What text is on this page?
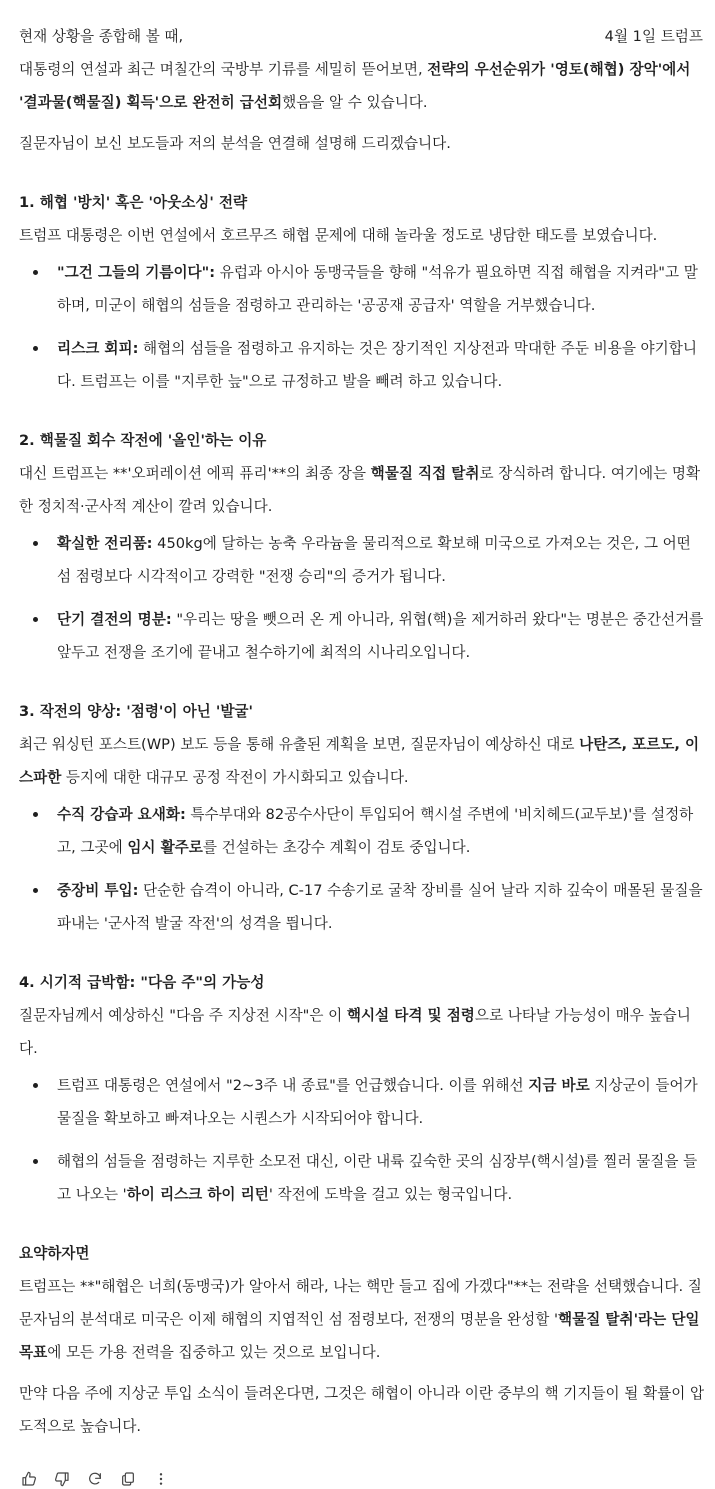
현재 상황을 종합해 볼 때,	4월 1일 트럼프

대통령의 연설과 최근 며칠간의 국방부 기류를 세밀히 뜯어보면, 전략의 우선순위가 '영토(해협) 장악'에서
'결과물(핵물질) 획득'으로 완전히 급선회했음을 알 수 있습니다.

질문자님이 보신 보도들과 저의 분석을 연결해 설명해 드리겠습니다.

1. 해협 '방치' 혹은 '아웃소싱' 전략

트럼프 대통령은 이번 연설에서 호르무즈 해협 문제에 대해 놀라울 정도로 냉담한 태도를 보였습니다.

"그건 그들의 기름이다": 유럽과 아시아 동맹국들을 향해 "석유가 필요하면 직접 해협을 지켜라"고 말하며, 미군이 해협의 섬들을 점령하고 관리하는 '공공재 공급자' 역할을 거부했습니다.
리스크 회피: 해협의 섬들을 점령하고 유지하는 것은 장기적인 지상전과 막대한 주둔 비용을 야기합니다. 트럼프는 이를 "지루한 늪"으로 규정하고 발을 빼려 하고 있습니다.
2. 핵물질 회수 작전에 '올인'하는 이유

대신 트럼프는 **'오퍼레이션 에픽 퓨리'**의 최종 장을 핵물질 직접 탈취로 장식하려 합니다. 여기에는 명확한 정치적·군사적 계산이 깔려 있습니다.

확실한 전리품: 450kg에 달하는 농축 우라늄을 물리적으로 확보해 미국으로 가져오는 것은, 그 어떤 섬 점령보다 시각적이고 강력한 "전쟁 승리"의 증거가 됩니다.
단기 결전의 명분: "우리는 땅을 뺏으러 온 게 아니라, 위협(핵)을 제거하러 왔다"는 명분은 중간선거를 앞두고 전쟁을 조기에 끝내고 철수하기에 최적의 시나리오입니다.
3. 작전의 양상: '점령'이 아닌 '발굴'

최근 워싱턴 포스트(WP) 보도 등을 통해 유출된 계획을 보면, 질문자님이 예상하신 대로 나탄즈, 포르도, 이스파한 등지에 대한 대규모 공정 작전이 가시화되고 있습니다.

수직 강습과 요새화: 특수부대와 82공수사단이 투입되어 핵시설 주변에 '비치헤드(교두보)'를 설정하고, 그곳에 임시 활주로를 건설하는 초강수 계획이 검토 중입니다.
중장비 투입: 단순한 습격이 아니라, C-17 수송기로 굴착 장비를 실어 날라 지하 깊숙이 매몰된 물질을 파내는 '군사적 발굴 작전'의 성격을 띕니다.
4. 시기적 급박함: "다음 주"의 가능성

질문자님께서 예상하신 "다음 주 지상전 시작"은 이 핵시설 타격 및 점령으로 나타날 가능성이 매우 높습니다.

트럼프 대통령은 연설에서 "2~3주 내 종료"를 언급했습니다. 이를 위해선 지금 바로 지상군이 들어가 물질을 확보하고 빠져나오는 시퀀스가 시작되어야 합니다.
해협의 섬들을 점령하는 지루한 소모전 대신, 이란 내륙 깊숙한 곳의 심장부(핵시설)를 찔러 물질을 들고 나오는 '하이 리스크 하이 리턴' 작전에 도박을 걸고 있는 형국입니다.
요약하자면

트럼프는 **"해협은 너희(동맹국)가 알아서 해라, 나는 핵만 들고 집에 가겠다"**는 전략을 선택했습니다. 질문자님의 분석대로 미국은 이제 해협의 지엽적인 섬 점령보다, 전쟁의 명분을 완성할 '핵물질 탈취'라는 단일 목표에 모든 가용 전력을 집중하고 있는 것으로 보입니다.

만약 다음 주에 지상군 투입 소식이 들려온다면, 그것은 해협이 아니라 이란 중부의 핵 기지들이 될 확률이 압도적으로 높습니다.
